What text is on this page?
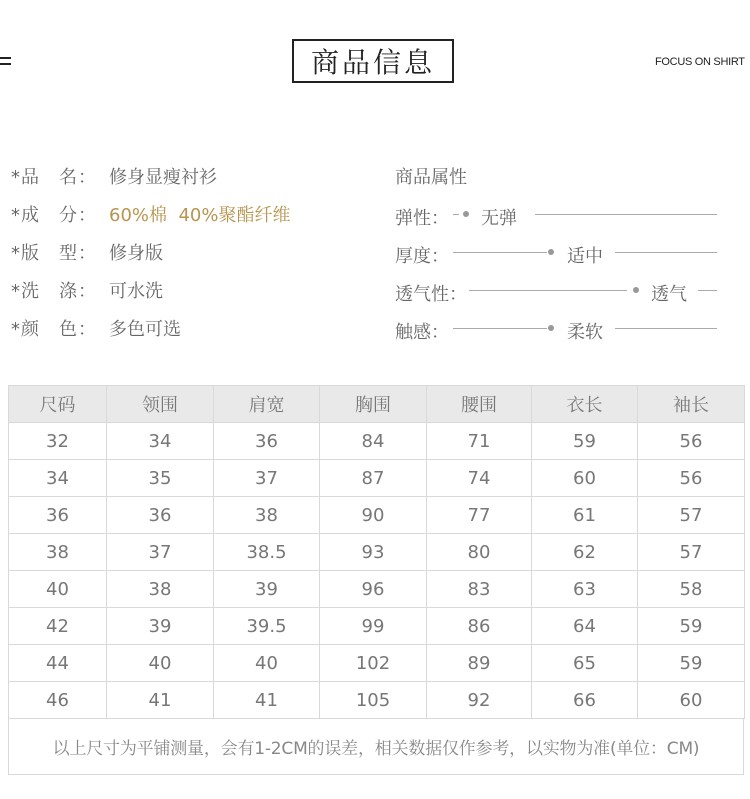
商品信息	FOCUS ON SHIRT
*品　名： 修身显瘦衬衫
*成　分： 60%棉  40%聚酯纤维
*版　型： 修身版
*洗　涤： 可水洗
*颜　色： 多色可选
商品属性
弹性： 无弹
厚度：	适中
透气性：	透气
触感：	柔软
尺码	领围	肩宽	胸围	腰围	衣长	袖长
32	34	36	84	71	59	56
34	35	37	87	74	60	56
36	36	38	90	77	61	57
38	37	38.5	93	80	62	57
40	38	39	96	83	63	58
42	39	39.5	99	86	64	59
44	40	40	102	89	65	59
46	41	41	105	92	66	60
以上尺寸为平铺测量，会有1-2CM的误差，相关数据仅作参考，以实物为准(单位：CM)
